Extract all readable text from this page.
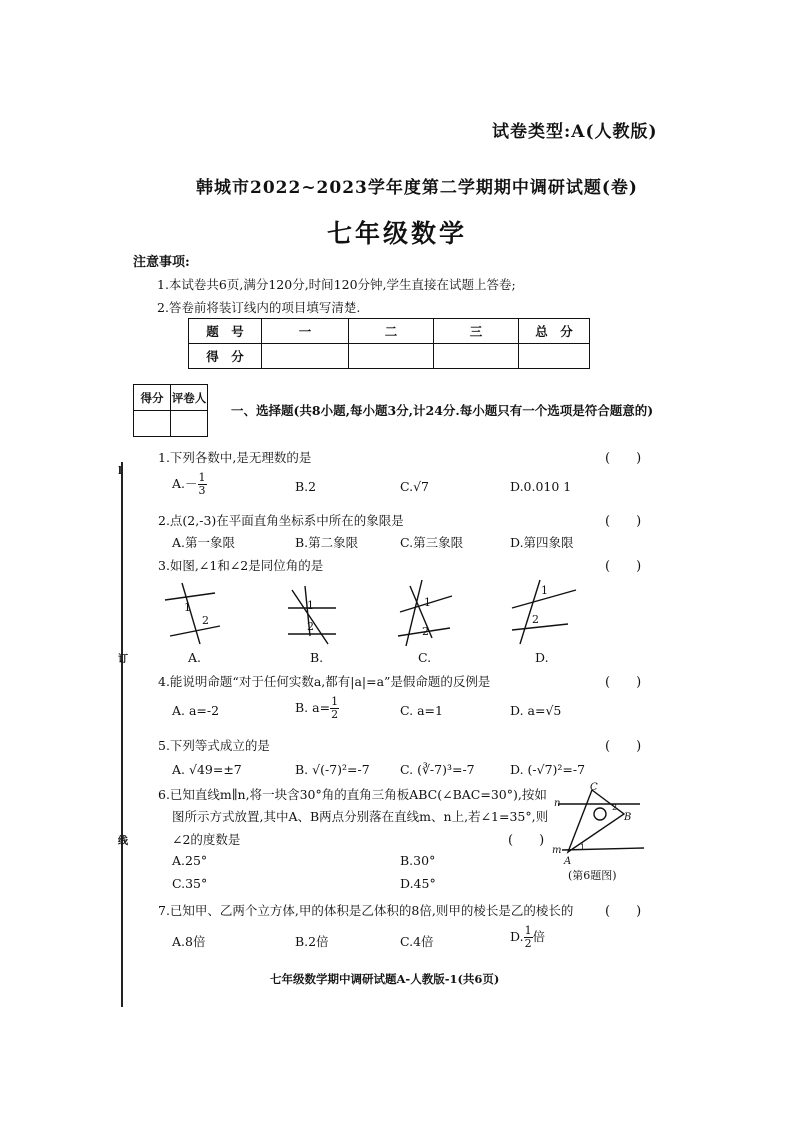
试卷类型:A(人教版)
韩城市2022~2023学年度第二学期期中调研试题(卷)
七年级数学
注意事项:
1.本试卷共6页,满分120分,时间120分钟,学生直接在试题上答卷;
2.答卷前将装订线内的项目填写清楚.
题　号	一	二	三	总　分
得　分				
得分	评卷人

一、选择题(共8小题,每小题3分,计24分.每小题只有一个选项是符合题意的)
1.下列各数中,是无理数的是	(　　)
$A.- \frac{1}{3}$	B.2	C.√7	D.0.010 1
2.点(2,-3)在平面直角坐标系中所在的象限是	(　　)
A.第一象限	B.第二象限	C.第三象限	D.第四象限
3.如图,∠1和∠2是同位角的是	(　　)
1
2
1
2
1
2
1
2
A.	B.	C.	D.
4.能说明命题“对于任何实数a,都有|a|=a”是假命题的反例是	(　　)
A. a=-2	B. $a= \frac{1}{2}$	C. a=1	D. a=√5
5.下列等式成立的是	(　　)
A. √49=±7	B. √(-7)²=-7 C. (∛-7)³=-7	D. (-√7)²=-7
6.已知直线m∥n,将一块含30°角的直角三角板ABC(∠BAC=30°),按如
图所示方式放置,其中A、B两点分别落在直线m、n上,若∠1=35°,则
∠2的度数是	(　　)
A.25°	B.30°
C.35°	D.45°
C
B
A
n
m 1
2
(第6题图)
7.已知甲、乙两个立方体,甲的体积是乙体积的8倍,则甲的棱长是乙的棱长的 (　　)
A.8倍	B.2倍	C.4倍	D. $\frac{1}{2}$ 倍
七年级数学期中调研试题A-人教版-1(共6页)
l
订
线
